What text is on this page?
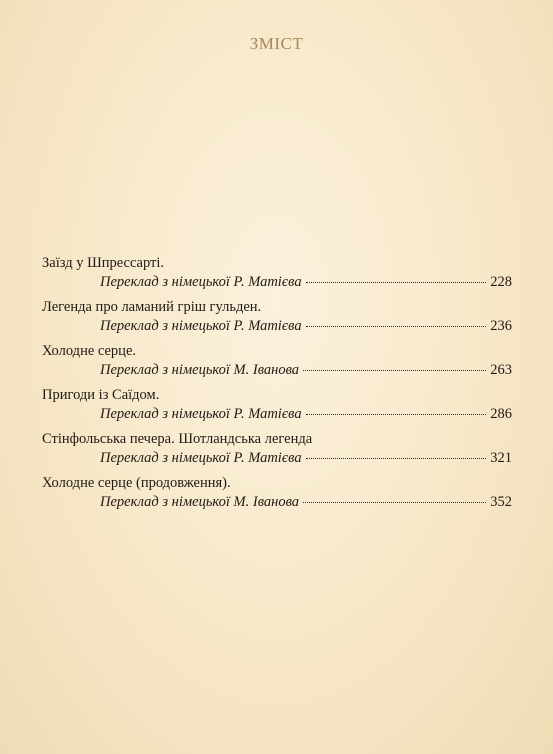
ЗМІСТ
Заїзд у Шпрессарті.
Переклад з німецької Р. Матієва	228
Легенда про ламаний гріш гульден.
Переклад з німецької Р. Матієва	236
Холодне серце.
Переклад з німецької М. Іванова	263
Пригоди із Саїдом.
Переклад з німецької Р. Матієва	286
Стінфольська печера. Шотландська легенда
Переклад з німецької Р. Матієва	321
Холодне серце (продовження).
Переклад з німецької М. Іванова	352
